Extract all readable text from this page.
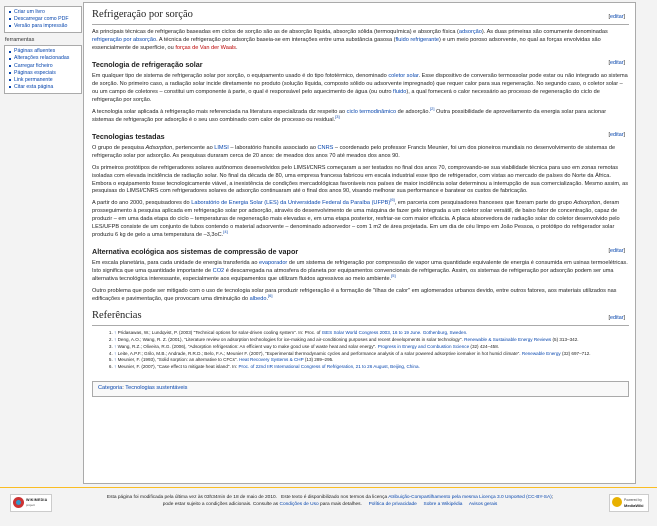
Criar um livro
Descarregar como PDF
Versão para impressão
ferramentas
Páginas afluentes
Alterações relacionadas
Carregar ficheiro
Páginas especiais
Link permanente
Citar esta página
Refrigeração por sorção	[editar]

As principais técnicas de refrigeração baseadas em ciclos de sorção são as de absorção líquida, absorção sólida (termoquímica) e absorção física (adsorção). As duas primeiras são comumente denominadas refrigeração por absorção. A técnica de refrigeração por adsorção baseia-se em interações entre uma substância gasosa (fluido refrigerante) e um meio poroso adsorvente, no qual as forças envolvidas são essencialmente de superfície, ou forças de Van der Waals.

Tecnologia de refrigeração solar	[editar]

Em qualquer tipo de sistema de refrigeração solar por sorção, o equipamento usado é do tipo fototérmico, denominado coletor solar. Esse dispositivo de conversão termossolar pode estar ou não integrado ao sistema de sorção. No primeiro caso, a radiação solar incide diretamente no produto (solução líquida, composto sólido ou adsorvente impregnado) que requer calor para sua regeneração. No segundo caso, o coletor solar – ou um campo de coletores – constitui um componente à parte, o qual é responsável pelo aquecimento de água (ou outro fluido), a qual fornecerá o calor necessário ao processo de regeneração do ciclo de refrigeração por sorção.

A tecnologia solar aplicada à refrigeração mais referenciada na literatura especializada diz respeito ao ciclo termodinâmico de adsorção.[2] Outra possibilidade de aproveitamento da energia solar para acionar sistemas de refrigeração por adsorção é o seu uso combinado com calor de processo ou residual.[3]

Tecnologias testadas	[editar]

O grupo de pesquisa Adsorption, pertencente ao LIMSI – laboratório francês associado ao CNRS – coordenado pelo professor Francis Meunier, foi um dos pioneiros mundiais no desenvolvimento de sistemas de refrigeração solar por adsorção. As pesquisas duraram cerca de 20 anos: de meados dos anos 70 até meados dos anos 90.

Os primeiros protótipos de refrigeradores solares autônomos desenvolvidos pelo LIMSI/CNRS começaram a ser testados no final dos anos 70, comprovando-se sua viabilidade técnica para uso em zonas remotas isoladas com elevada incidência de radiação solar. No final da década de 80, uma empresa francesa fabricou em escala industrial esse tipo de refrigerador, com vistas ao mercado de países do Norte da África. Embora o equipamento fosse tecnologicamente viável, a inexistência de condições mercadológicas favoráveis nos países de maior incidência solar determinou a interrupção de sua comercialização. Mesmo assim, as pesquisas do LIMSI/CNRS com refrigeradores solares de adsorção continuaram até o final dos anos 90, visando melhorar sua performance e baratear os custos de fabricação.

A partir do ano 2000, pesquisadores do Laboratório de Energia Solar (LES) da Universidade Federal da Paraíba (UFPB)[6], em parceria com pesquisadores franceses que fizeram parte do grupo Adsorption, deram prosseguimento à pesquisa aplicada em refrigeração solar por adsorção, através do desenvolvimento de uma máquina de fazer gelo integrada a um coletor solar versátil, de baixo fator de concentração, capaz de produzir – em uma dada etapa do ciclo – temperaturas de regeneração mais elevadas e, em uma etapa posterior, resfriar-se com maior eficácia. A placa absorvedora de radiação solar do coletor desenvolvido pelo LES/UFPB consiste de um conjunto de tubos contendo o material adsorvente – denominado adsorvedor – com 1 m2 de área projetada. Em um dia de céu limpo em João Pessoa, o protótipo do refrigerador solar produziu 6 kg de gelo a uma temperatura de –3,3oC.[4]

Alternativa ecológica aos sistemas de compressão de vapor	[editar]

Em escala planetária, para cada unidade de energia transferida ao evaporador de um sistema de refrigeração por compressão de vapor uma quantidade equivalente de energia é consumida em usinas termoelétricas. Isto significa que uma quantidade importante de CO2 é descarregada na atmosfera do planeta por equipamentos convencionais de refrigeração. Assim, os sistemas de refrigeração por adsorção podem ser uma alternativa tecnológica interessante, especialmente aos equipamentos que utilizam fluidos agressivos ao meio ambiente.[5]

Outro problema que pode ser mitigado com o uso de tecnologia solar para produzir refrigeração é a formação de "ilhas de calor" em aglomerados urbanos devido, entre outros fatores, aos materiais utilizados nas edificações e pavimentação, que provocam uma diminuição do albedo.[6]

Referências	[editar]
1. ↑ Pridasawas, W.; Lundqvist, P. (2003) "Technical options for solar-driven cooling system". In: Proc. of ISES Solar World Congress 2003, 16 to 19 June. Gothenburg, Sweden.
2. ↑ Deng, A.O.; Wang, R. Z. (2001), "Literature review on adsorption technologies for ice-making and air-conditioning purposes and recent developments in solar technology". Renewable & Sustainable Energy Reviews (5) 313–342.
3. ↑ Wang, R.Z.; Oliveira, R.G. (2006), "Adsorption refrigeration: An efficient way to make good use of waste heat and solar energy". Progress in Energy and Combustion Science (32) 424–458.
4. ↑ Leite, A.P.F.; Grilo, M.B.; Andrade, R.R.D.; Belo, F.A.; Meunier F. (2007), "Experimental thermodynamic cycles and performance analysis of a solar powered adsorptive icemaker in hot humid climate". Renewable Energy (32) 697–712.
5. ↑ Meunier, F. (1993), "Solid sorption: an alternative to CFCs". Heat Recovery Systems & CHP (13) 289–295.
6. ↑ Meunier, F. (2007), "Case effect to mitigate heat island". In: Proc. of 22nd IIR International Congress of Refrigeration, 21 to 26 August, Beijing, China.
Categoria: Tecnologias sustentáveis
WIKIMEDIA
project
Esta página foi modificada pela última vez às 03h34min de 18 de maio de 2010. Este texto é disponibilizado nos termos da licença Atribuição-Compartilhamento pela mesma Licença 3.0 Unported (CC-BY-SA);
pode estar sujeito a condições adicionais. Consulte as Condições de Uso para mais detalhes. Política de privacidade Sobre a Wikipédia Avisos gerais
Powered by
MediaWiki
